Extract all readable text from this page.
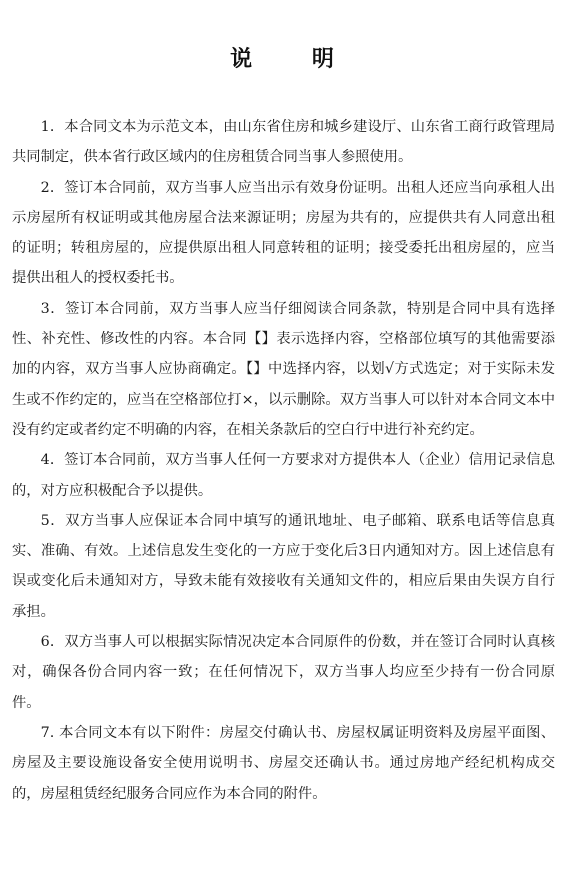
说 明

1．本合同文本为示范文本，由山东省住房和城乡建设厅、山东省工商行政管理局共同制定，供本省行政区域内的住房租赁合同当事人参照使用。

2．签订本合同前，双方当事人应当出示有效身份证明。出租人还应当向承租人出示房屋所有权证明或其他房屋合法来源证明；房屋为共有的，应提供共有人同意出租的证明；转租房屋的，应提供原出租人同意转租的证明；接受委托出租房屋的，应当提供出租人的授权委托书。

3．签订本合同前，双方当事人应当仔细阅读合同条款，特别是合同中具有选择性、补充性、修改性的内容。本合同【】表示选择内容，空格部位填写的其他需要添加的内容，双方当事人应协商确定。【】中选择内容，以划√方式选定；对于实际未发生或不作约定的，应当在空格部位打×，以示删除。双方当事人可以针对本合同文本中没有约定或者约定不明确的内容，在相关条款后的空白行中进行补充约定。

4．签订本合同前，双方当事人任何一方要求对方提供本人（企业）信用记录信息的，对方应积极配合予以提供。

5．双方当事人应保证本合同中填写的通讯地址、电子邮箱、联系电话等信息真实、准确、有效。上述信息发生变化的一方应于变化后3日内通知对方。因上述信息有误或变化后未通知对方，导致未能有效接收有关通知文件的，相应后果由失误方自行承担。

6．双方当事人可以根据实际情况决定本合同原件的份数，并在签订合同时认真核对，确保各份合同内容一致；在任何情况下，双方当事人均应至少持有一份合同原件。

7. 本合同文本有以下附件：房屋交付确认书、房屋权属证明资料及房屋平面图、房屋及主要设施设备安全使用说明书、房屋交还确认书。通过房地产经纪机构成交的，房屋租赁经纪服务合同应作为本合同的附件。
